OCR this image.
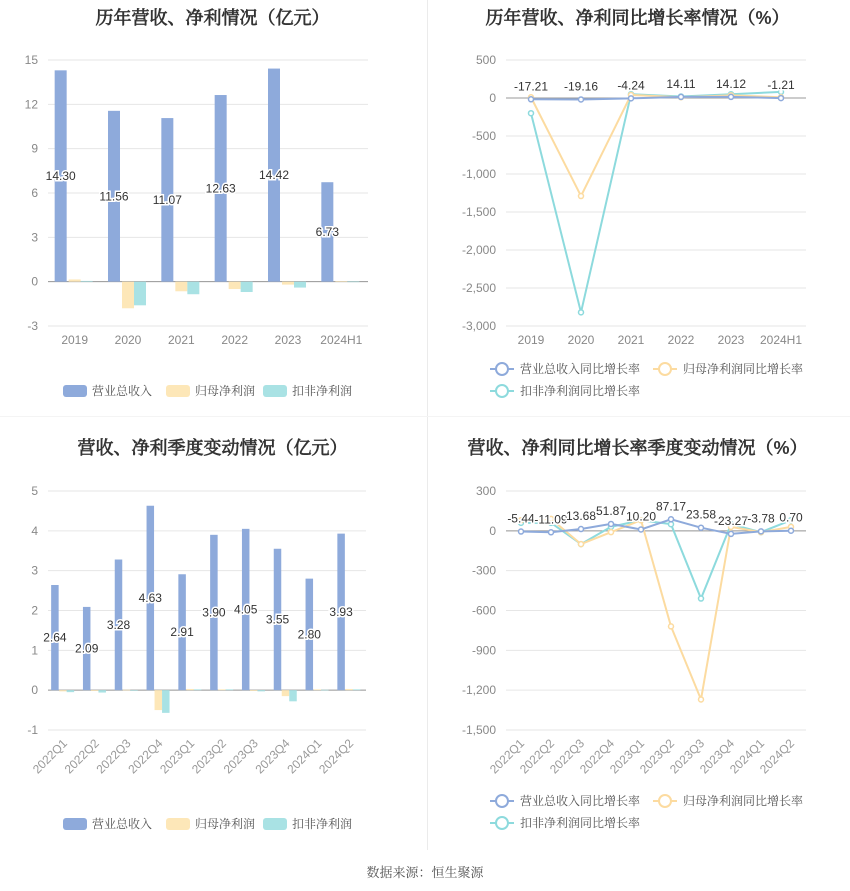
历年营收、净利情况（亿元）
15
12
9
6
3
0
-3
2019 2020 2021 2022 2023 2024H1
14.30
11.56 11.07
12.63
14.42
6.73
营业总收入	归母净利润	扣非净利润
历年营收、净利同比增长率情况（%）
500
0
-500
-1,000
-1,500
-2,000
-2,500
-3,000
2019 2020 2021 2022 2023 2024H1
-17.21 -19.16 -4.24 14.11 14.12 -1.21
营业总收入同比增长率	归母净利润同比增长率
扣非净利润同比增长率
营收、净利季度变动情况（亿元）
5
4
3
2
1
0
-1
2022Q1
2022Q2
2022Q3
2022Q4
2023Q1
2023Q2
2023Q3
2023Q4
2024Q1
2024Q2
2.64
2.09
3.28
4.63
2.91
3.90 4.05
3.55
2.80
3.93
营业总收入	归母净利润	扣非净利润
营收、净利同比增长率季度变动情况（%）
300
0
-300
-600
-900
-1,200
-1,500
2022Q1
2022Q2
2022Q3
2022Q4
2023Q1
2023Q2
2023Q3
2023Q4
2024Q1
2024Q2
-5.44 -11.09
13.68 51.87 10.20
87.17
23.58
-23.27 -3.78 0.70
营业总收入同比增长率	归母净利润同比增长率
扣非净利润同比增长率
数据来源：恒生聚源
